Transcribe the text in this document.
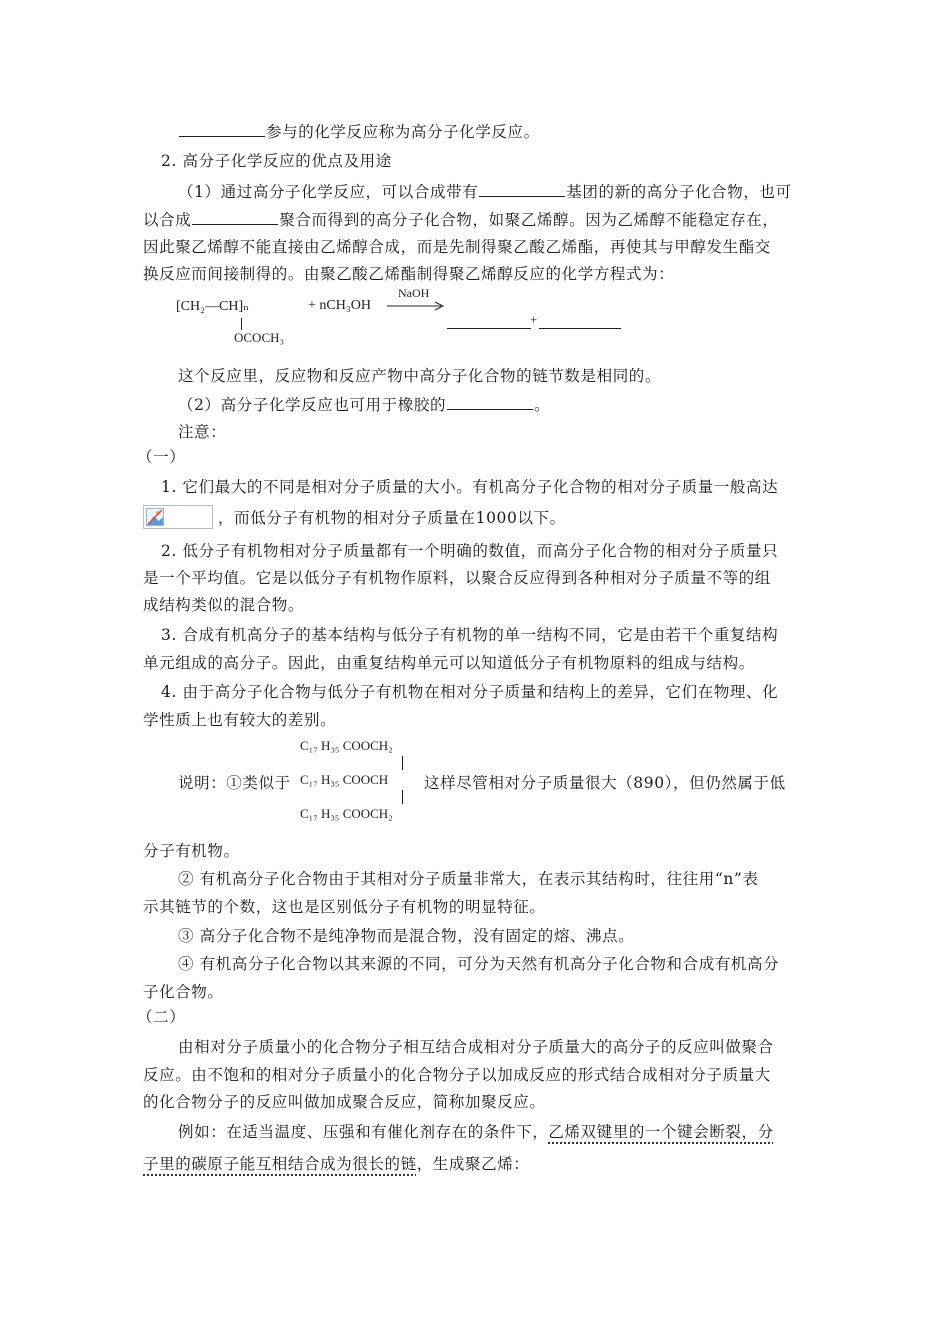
参与的化学反应称为高分子化学反应。
2. 高分子化学反应的优点及用途
（1）通过高分子化学反应，可以合成带有	基团的新的高分子化合物，也可
以合成	聚合而得到的高分子化合物，如聚乙烯醇。因为乙烯醇不能稳定存在，
因此聚乙烯醇不能直接由乙烯醇合成，而是先制得聚乙酸乙烯酯，再使其与甲醇发生酯交
换反应而间接制得的。由聚乙酸乙烯酯制得聚乙烯醇反应的化学方程式为：
[CH₂—CH]ₙ
OCOCH₃
+ nCH₃OH
NaOH
+
这个反应里，反应物和反应产物中高分子化合物的链节数是相同的。
（2）高分子化学反应也可用于橡胶的	。
注意：
（一）
1. 它们最大的不同是相对分子质量的大小。有机高分子化合物的相对分子质量一般高达
，而低分子有机物的相对分子质量在1000以下。
2. 低分子有机物相对分子质量都有一个明确的数值，而高分子化合物的相对分子质量只
是一个平均值。它是以低分子有机物作原料，以聚合反应得到各种相对分子质量不等的组
成结构类似的混合物。
3. 合成有机高分子的基本结构与低分子有机物的单一结构不同，它是由若干个重复结构
单元组成的高分子。因此，由重复结构单元可以知道低分子有机物原料的组成与结构。
4. 由于高分子化合物与低分子有机物在相对分子质量和结构上的差异，它们在物理、化
学性质上也有较大的差别。
C₁₇ H₃₅ COOCH₂
C₁₇ H₃₅ COOCH
C₁₇ H₃₅ COOCH₂
说明：①类似于	这样尽管相对分子质量很大（890），但仍然属于低
分子有机物。
② 有机高分子化合物由于其相对分子质量非常大，在表示其结构时，往往用“n”表
示其链节的个数，这也是区别低分子有机物的明显特征。
③ 高分子化合物不是纯净物而是混合物，没有固定的熔、沸点。
④ 有机高分子化合物以其来源的不同，可分为天然有机高分子化合物和合成有机高分
子化合物。
（二）
由相对分子质量小的化合物分子相互结合成相对分子质量大的高分子的反应叫做聚合
反应。由不饱和的相对分子质量小的化合物分子以加成反应的形式结合成相对分子质量大
的化合物分子的反应叫做加成聚合反应，简称加聚反应。
例如：在适当温度、压强和有催化剂存在的条件下，乙烯双键里的一个键会断裂，分
子里的碳原子能互相结合成为很长的链，生成聚乙烯：
